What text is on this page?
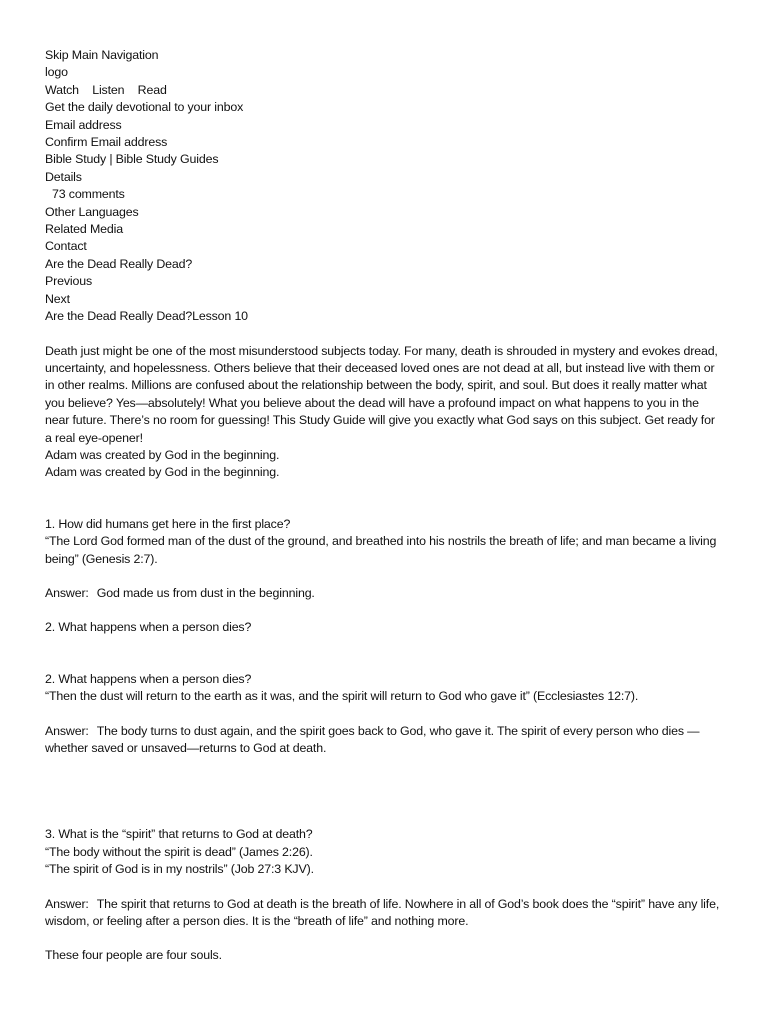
Skip Main Navigation
logo
Watch Listen Read
Get the daily devotional to your inbox
Email address
Confirm Email address
Bible Study | Bible Study Guides
Details
73 comments
Other Languages
Related Media
Contact
Are the Dead Really Dead?
Previous
Next
Are the Dead Really Dead?Lesson 10
Death just might be one of the most misunderstood subjects today. For many, death is shrouded in mystery and evokes dread, uncertainty, and hopelessness. Others believe that their deceased loved ones are not dead at all, but instead live with them or in other realms. Millions are confused about the relationship between the body, spirit, and soul. But does it really matter what you believe? Yes—absolutely! What you believe about the dead will have a profound impact on what happens to you in the near future. There’s no room for guessing! This Study Guide will give you exactly what God says on this subject. Get ready for a real eye-opener!
Adam was created by God in the beginning.
Adam was created by God in the beginning.
1. How did humans get here in the first place?
“The Lord God formed man of the dust of the ground, and breathed into his nostrils the breath of life; and man became a living being” (Genesis 2:7).
Answer: God made us from dust in the beginning.
2. What happens when a person dies?
2. What happens when a person dies?
“Then the dust will return to the earth as it was, and the spirit will return to God who gave it” (Ecclesiastes 12:7).
Answer: The body turns to dust again, and the spirit goes back to God, who gave it. The spirit of every person who dies —whether saved or unsaved—returns to God at death.
3. What is the “spirit” that returns to God at death?
“The body without the spirit is dead” (James 2:26).
“The spirit of God is in my nostrils” (Job 27:3 KJV).
Answer: The spirit that returns to God at death is the breath of life. Nowhere in all of God’s book does the “spirit” have any life, wisdom, or feeling after a person dies. It is the “breath of life” and nothing more.
These four people are four souls.
